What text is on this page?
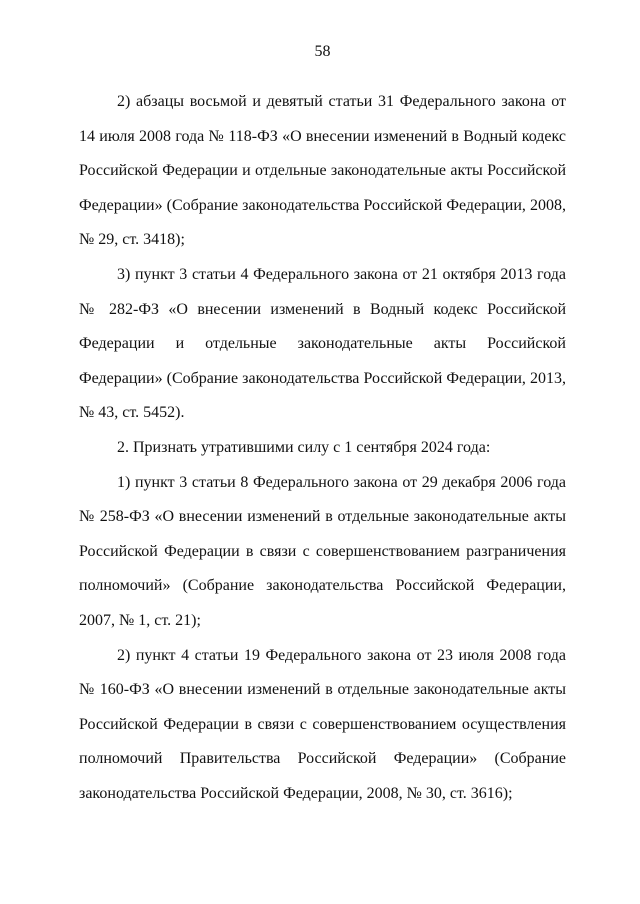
58

2) абзацы восьмой и девятый статьи 31 Федерального закона от 14 июля 2008 года № 118-ФЗ «О внесении изменений в Водный кодекс Российской Федерации и отдельные законодательные акты Российской Федерации» (Собрание законодательства Российской Федерации, 2008, № 29, ст. 3418);

3) пункт 3 статьи 4 Федерального закона от 21 октября 2013 года № 282-ФЗ «О внесении изменений в Водный кодекс Российской Федерации и отдельные законодательные акты Российской Федерации» (Собрание законодательства Российской Федерации, 2013, № 43, ст. 5452).

2. Признать утратившими силу с 1 сентября 2024 года:

1) пункт 3 статьи 8 Федерального закона от 29 декабря 2006 года № 258-ФЗ «О внесении изменений в отдельные законодательные акты Российской Федерации в связи с совершенствованием разграничения полномочий» (Собрание законодательства Российской Федерации, 2007, № 1, ст. 21);

2) пункт 4 статьи 19 Федерального закона от 23 июля 2008 года № 160-ФЗ «О внесении изменений в отдельные законодательные акты Российской Федерации в связи с совершенствованием осуществления полномочий Правительства Российской Федерации» (Собрание законодательства Российской Федерации, 2008, № 30, ст. 3616);
